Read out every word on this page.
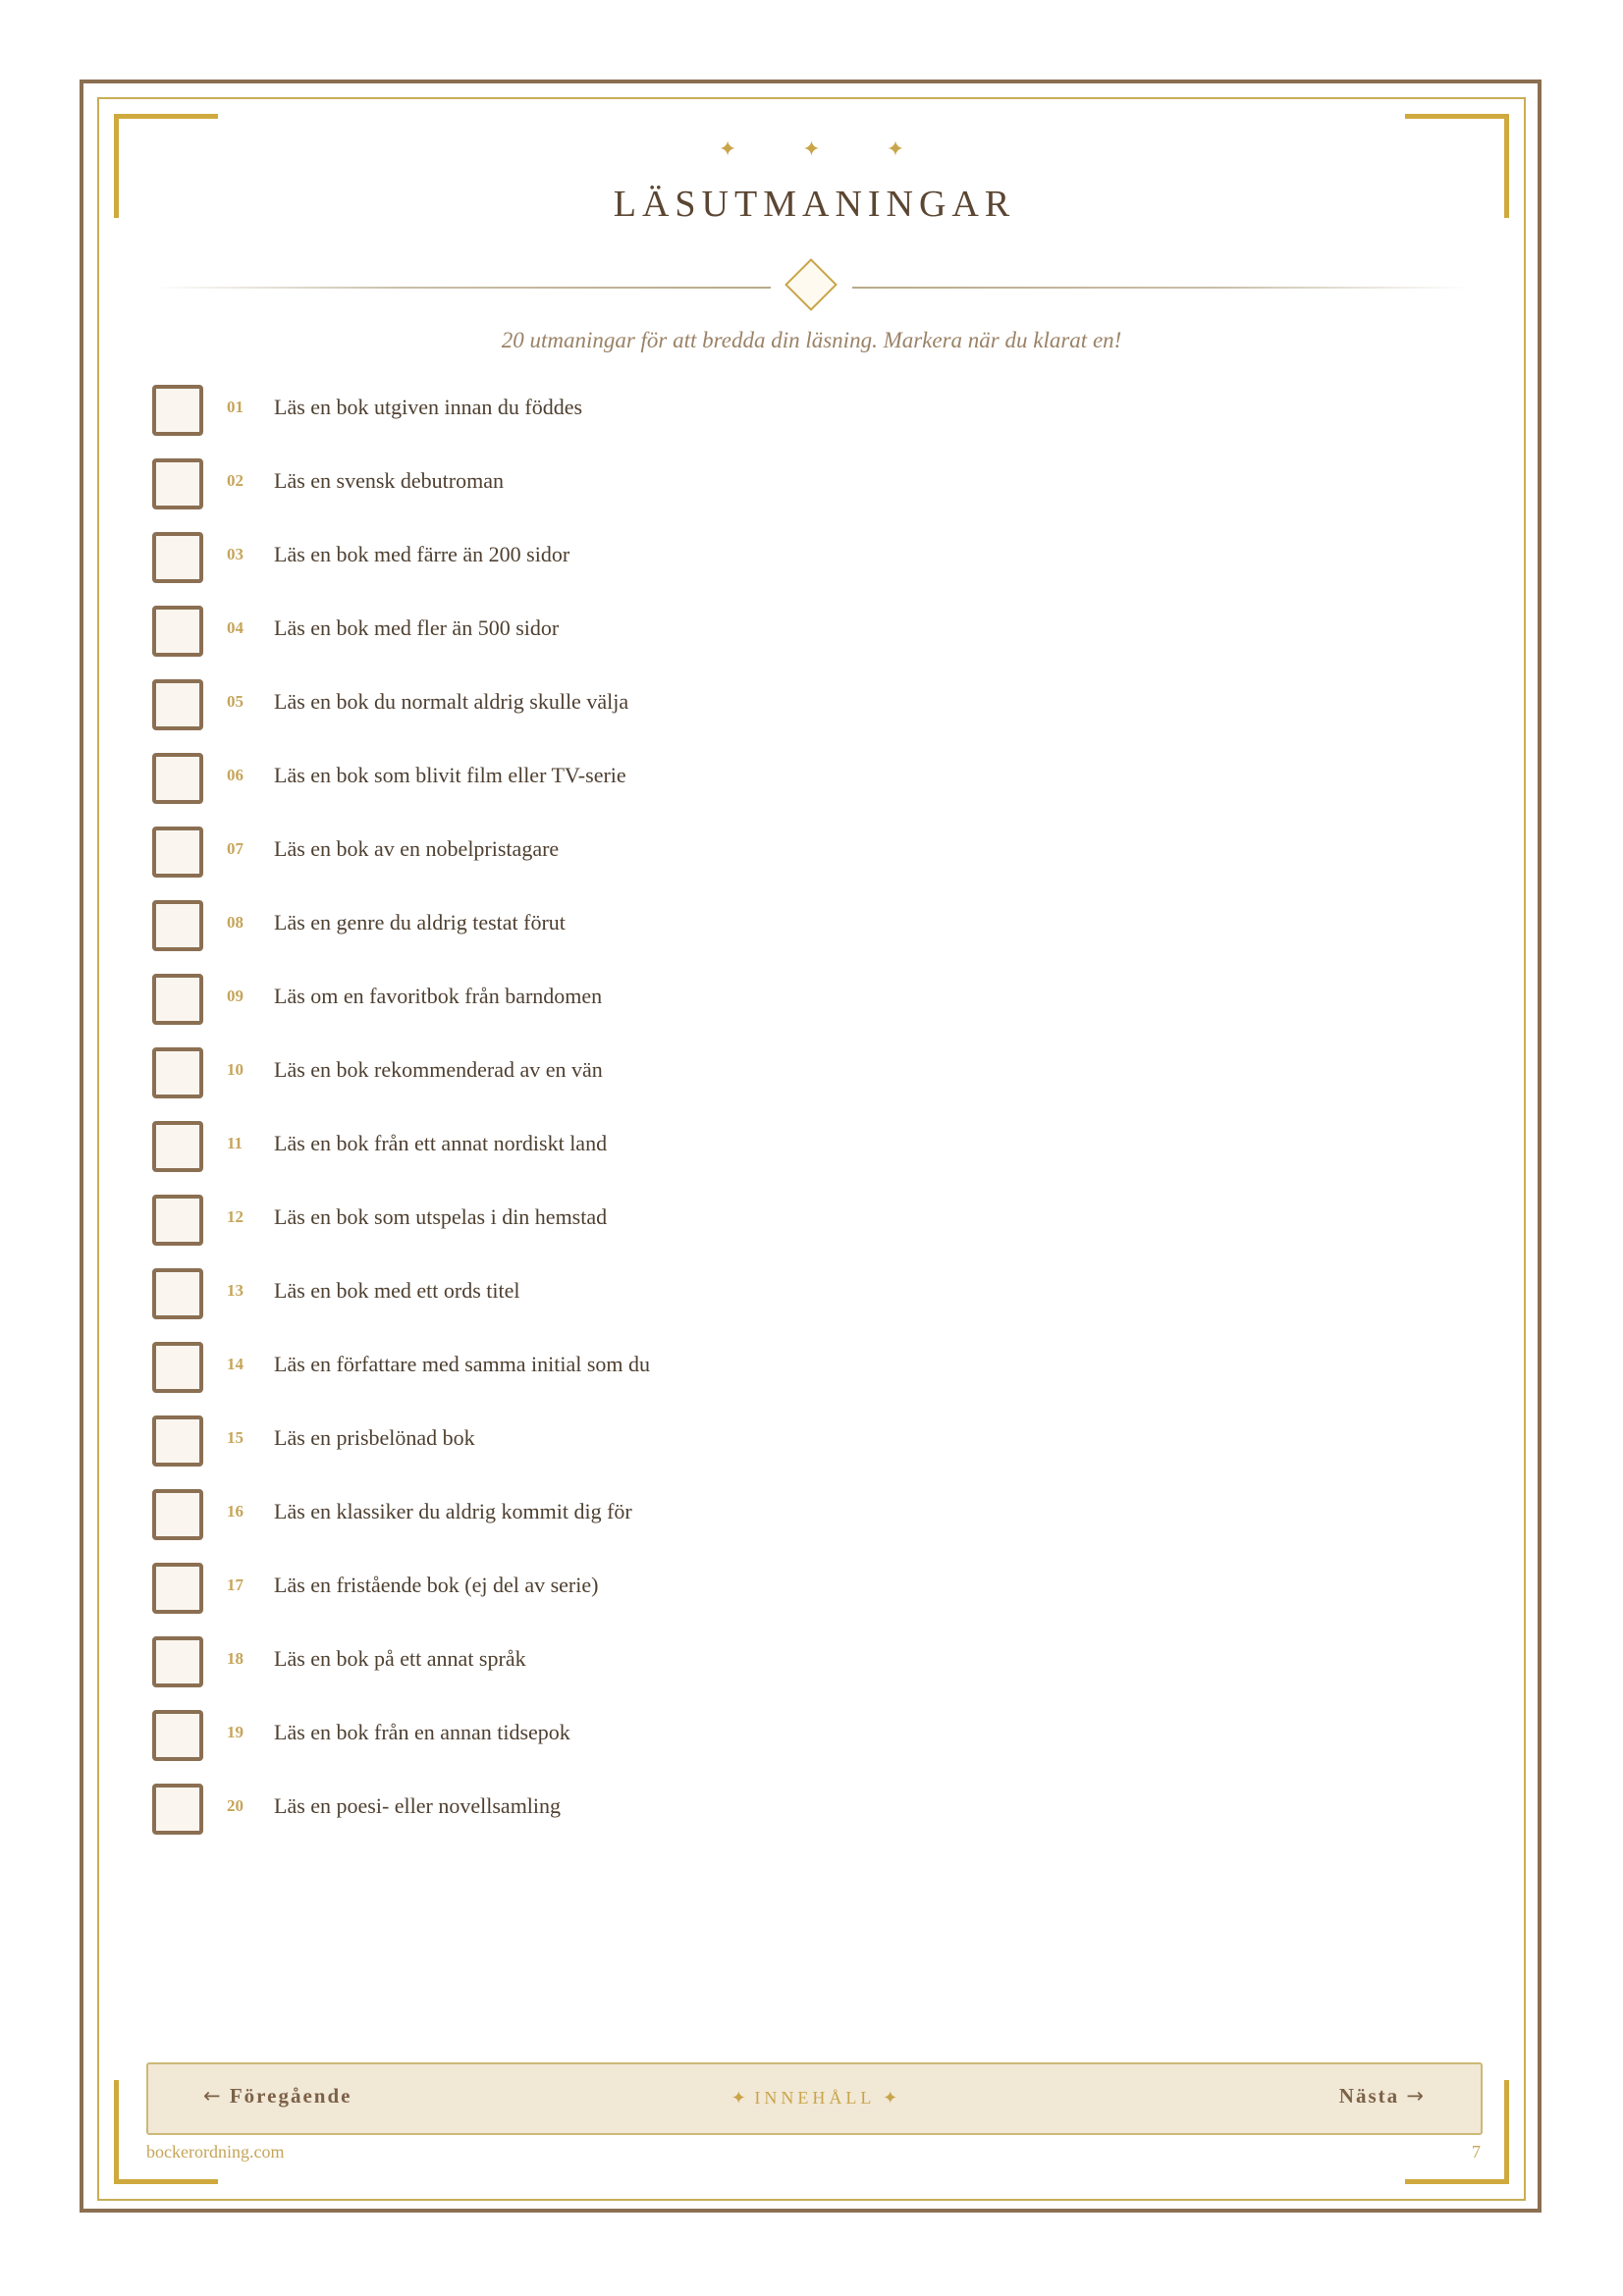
✦ ✦ ✦
LÄSUTMANINGAR
20 utmaningar för att bredda din läsning. Markera när du klarat en!
01	Läs en bok utgiven innan du föddes
02	Läs en svensk debutroman
03	Läs en bok med färre än 200 sidor
04	Läs en bok med fler än 500 sidor
05	Läs en bok du normalt aldrig skulle välja
06	Läs en bok som blivit film eller TV-serie
07	Läs en bok av en nobelpristagare
08	Läs en genre du aldrig testat förut
09	Läs om en favoritbok från barndomen
10	Läs en bok rekommenderad av en vän
11	Läs en bok från ett annat nordiskt land
12	Läs en bok som utspelas i din hemstad
13	Läs en bok med ett ords titel
14	Läs en författare med samma initial som du
15	Läs en prisbelönad bok
16	Läs en klassiker du aldrig kommit dig för
17	Läs en fristående bok (ej del av serie)
18	Läs en bok på ett annat språk
19	Läs en bok från en annan tidsepok
20	Läs en poesi- eller novellsamling
← Föregående	✦ INNEHÅLL ✦	Nästa →
bockerordning.com	7
